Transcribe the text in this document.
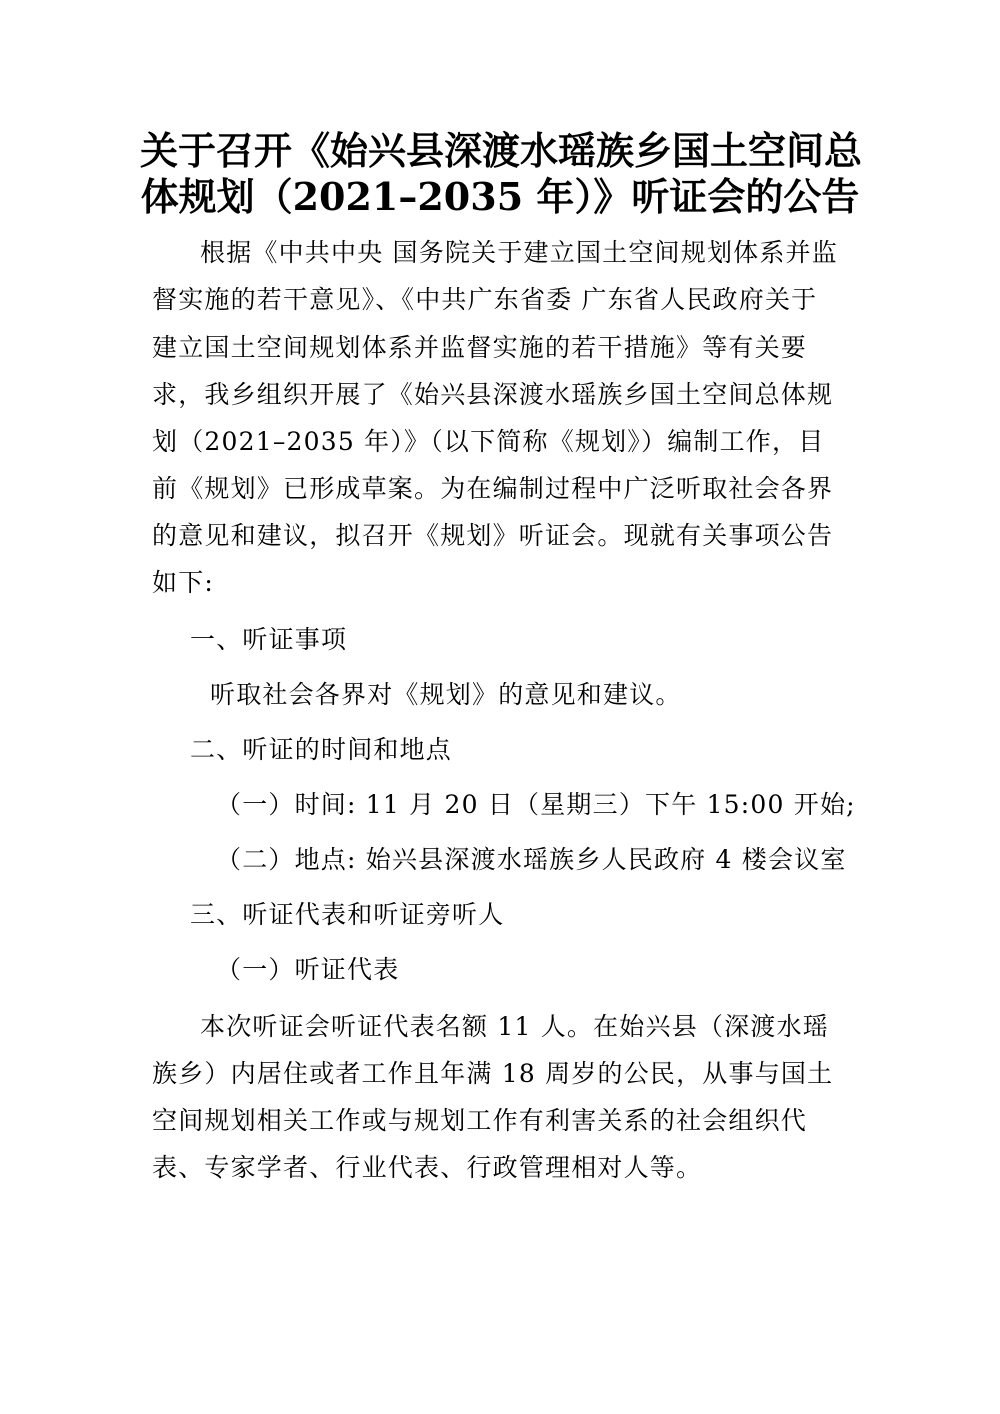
关于召开《始兴县深渡水瑶族乡国土空间总
体规划（2021–2035 年）》听证会的公告
根据《中共中央 国务院关于建立国土空间规划体系并监
督实施的若干意见》、《中共广东省委 广东省人民政府关于
建立国土空间规划体系并监督实施的若干措施》等有关要
求，我乡组织开展了《始兴县深渡水瑶族乡国土空间总体规
划（2021–2035 年）》（以下简称《规划》）编制工作，目
前《规划》已形成草案。为在编制过程中广泛听取社会各界
的意见和建议，拟召开《规划》听证会。现就有关事项公告
如下:
一、听证事项
听取社会各界对《规划》的意见和建议。
二、听证的时间和地点
（一）时间: 11 月 20 日（星期三）下午 15:00 开始;
（二）地点: 始兴县深渡水瑶族乡人民政府 4 楼会议室
三、听证代表和听证旁听人
（一）听证代表
本次听证会听证代表名额 11 人。在始兴县（深渡水瑶
族乡）内居住或者工作且年满 18 周岁的公民，从事与国土
空间规划相关工作或与规划工作有利害关系的社会组织代
表、专家学者、行业代表、行政管理相对人等。
